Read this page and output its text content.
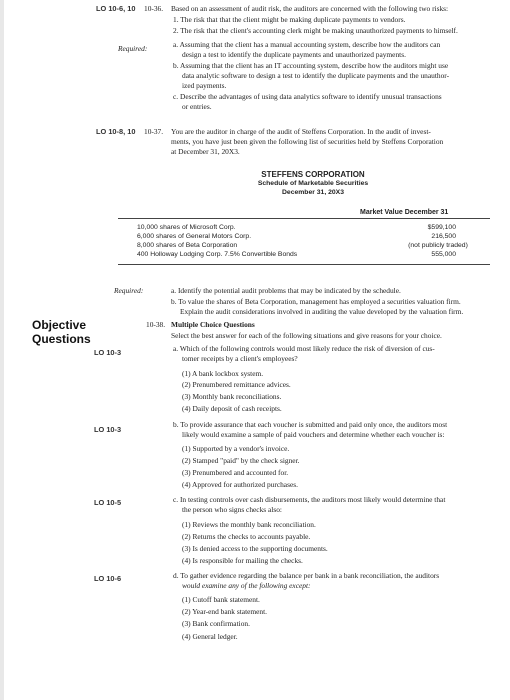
LO 10-6, 10 10-36. Based on an assessment of audit risk, the auditors are concerned with the following two risks:
1. The risk that that the client might be making duplicate payments to vendors.
2. The risk that the client's accounting clerk might be making unauthorized payments to himself.
Required:	a. Assuming that the client has a manual accounting system, describe how the auditors can
design a test to identify the duplicate payments and unauthorized payments.
b. Assuming that the client has an IT accounting system, describe how the auditors might use
data analytic software to design a test to identify the duplicate payments and the unauthor-
ized payments.
c. Describe the advantages of using data analytics software to identify unusual transactions
or entries.
LO 10-8, 10 10-37. You are the auditor in charge of the audit of Steffens Corporation. In the audit of invest-
ments, you have just been given the following list of securities held by Steffens Corporation
at December 31, 20X3.
STEFFENS CORPORATION
Schedule of Marketable Securities
December 31, 20X3
Market Value December 31
10,000 shares of Microsoft Corp.	$599,100
6,000 shares of General Motors Corp.	216,500
8,000 shares of Beta Corporation	(not publicly traded)
400 Holloway Lodging Corp. 7.5% Convertible Bonds	555,000
Required:	a. Identify the potential audit problems that may be indicated by the schedule.
b. To value the shares of Beta Corporation, management has employed a securities valuation firm.
Explain the audit considerations involved in auditing the value developed by the valuation firm.
Objective
Questions
10-38. Multiple Choice Questions
Select the best answer for each of the following situations and give reasons for your choice.
LO 10-3	a. Which of the following controls would most likely reduce the risk of diversion of cus-
tomer receipts by a client's employees?
(1) A bank lockbox system.
(2) Prenumbered remittance advices.
(3) Monthly bank reconciliations.
(4) Daily deposit of cash receipts.
LO 10-3
b. To provide assurance that each voucher is submitted and paid only once, the auditors most
likely would examine a sample of paid vouchers and determine whether each voucher is:
(1) Supported by a vendor's invoice.
(2) Stamped "paid" by the check signer.
(3) Prenumbered and accounted for.
(4) Approved for authorized purchases.
LO 10-5	c. In testing controls over cash disbursements, the auditors most likely would determine that
the person who signs checks also:
(1) Reviews the monthly bank reconciliation.
(2) Returns the checks to accounts payable.
(3) Is denied access to the supporting documents.
(4) Is responsible for mailing the checks.
LO 10-6	d. To gather evidence regarding the balance per bank in a bank reconciliation, the auditors
would examine any of the following except:
(1) Cutoff bank statement.
(2) Year-end bank statement.
(3) Bank confirmation.
(4) General ledger.
